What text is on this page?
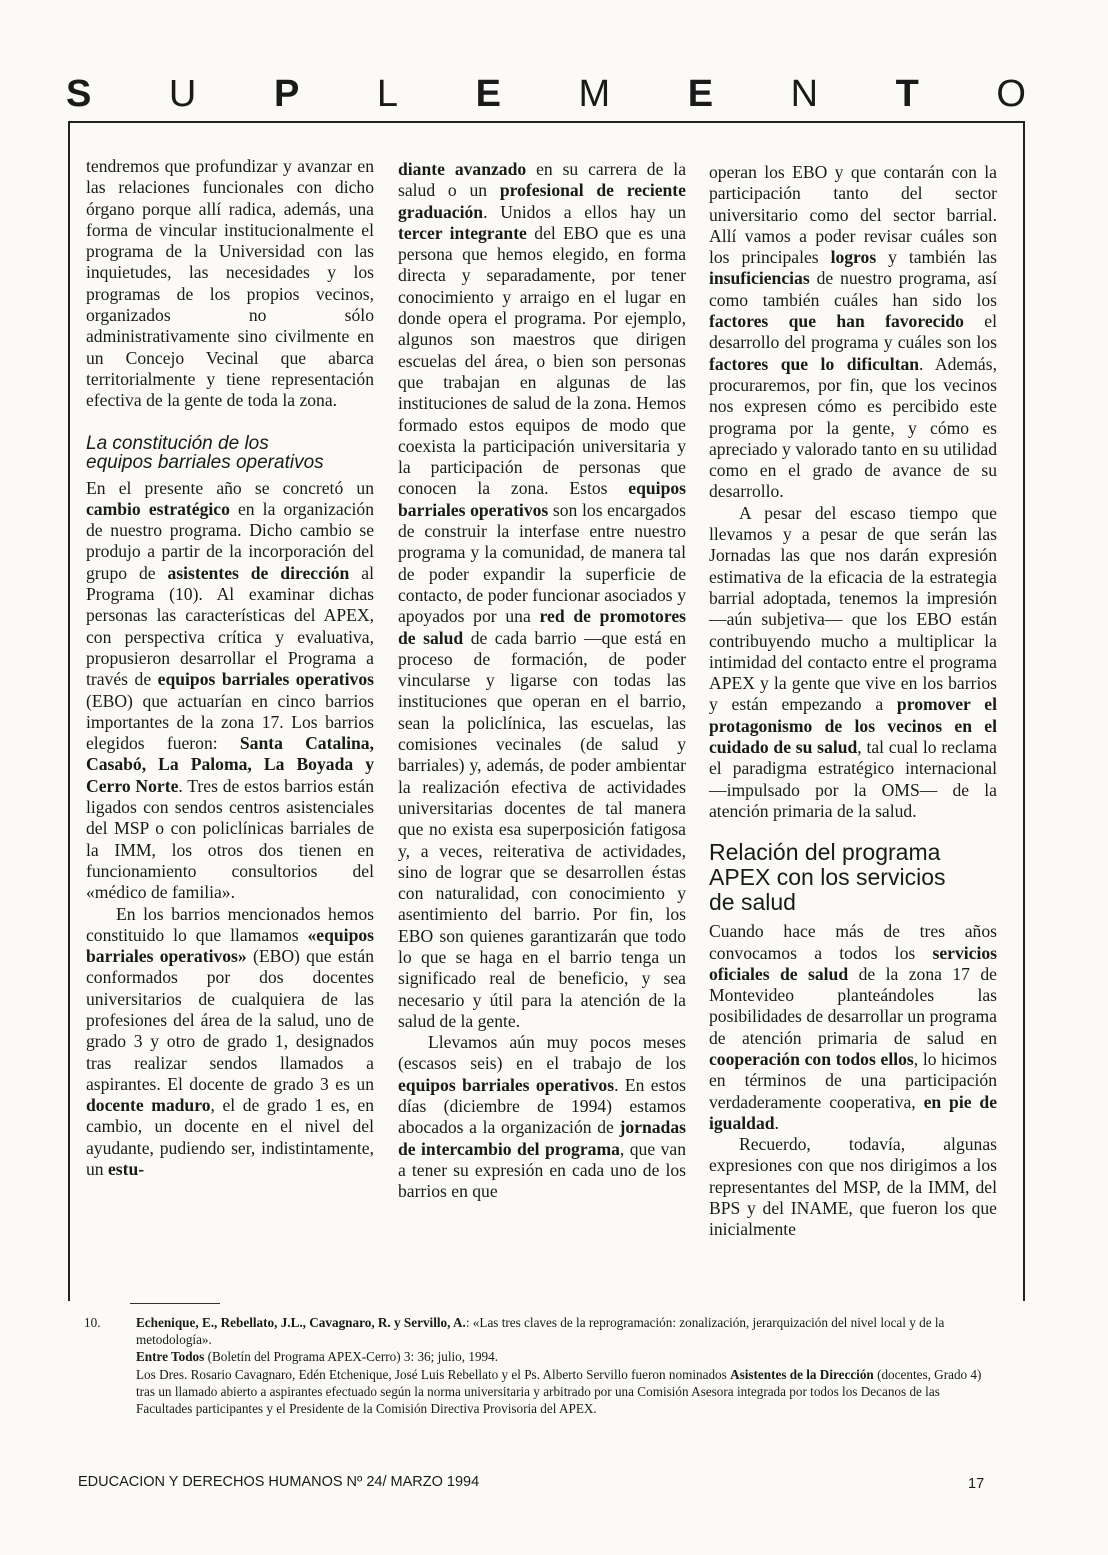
S U P L E M E N T O

tendremos que profundizar y avanzar en las relaciones funcionales con dicho órgano porque allí radica, además, una forma de vincular institucionalmente el programa de la Universidad con las inquietudes, las necesidades y los programas de los propios vecinos, organizados no sólo administrativamente sino civilmente en un Concejo Vecinal que abarca territorialmente y tiene representación efectiva de la gente de toda la zona.

La constitución de los
equipos barriales operativos

En el presente año se concretó un cambio estratégico en la organización de nuestro programa. Dicho cambio se produjo a partir de la incorporación del grupo de asistentes de dirección al Programa (10). Al examinar dichas personas las características del APEX, con perspectiva crítica y evaluativa, propusieron desarrollar el Programa a través de equipos barriales operativos (EBO) que actuarían en cinco barrios importantes de la zona 17. Los barrios elegidos fueron: Santa Catalina, Casabó, La Paloma, La Boyada y Cerro Norte. Tres de estos barrios están ligados con sendos centros asistenciales del MSP o con policlínicas barriales de la IMM, los otros dos tienen en funcionamiento consultorios del «médico de familia».

En los barrios mencionados hemos constituido lo que llamamos «equipos barriales operativos» (EBO) que están conformados por dos docentes universitarios de cualquiera de las profesiones del área de la salud, uno de grado 3 y otro de grado 1, designados tras realizar sendos llamados a aspirantes. El docente de grado 3 es un docente maduro, el de grado 1 es, en cambio, un docente en el nivel del ayudante, pudiendo ser, indistintamente, un estu-

diante avanzado en su carrera de la salud o un profesional de reciente graduación. Unidos a ellos hay un tercer integrante del EBO que es una persona que hemos elegido, en forma directa y separadamente, por tener conocimiento y arraigo en el lugar en donde opera el programa. Por ejemplo, algunos son maestros que dirigen escuelas del área, o bien son personas que trabajan en algunas de las instituciones de salud de la zona. Hemos formado estos equipos de modo que coexista la participación universitaria y la participación de personas que conocen la zona. Estos equipos barriales operativos son los encargados de construir la interfase entre nuestro programa y la comunidad, de manera tal de poder expandir la superficie de contacto, de poder funcionar asociados y apoyados por una red de promotores de salud de cada barrio —que está en proceso de formación, de poder vincularse y ligarse con todas las instituciones que operan en el barrio, sean la policlínica, las escuelas, las comisiones vecinales (de salud y barriales) y, además, de poder ambientar la realización efectiva de actividades universitarias docentes de tal manera que no exista esa superposición fatigosa y, a veces, reiterativa de actividades, sino de lograr que se desarrollen éstas con naturalidad, con conocimiento y asentimiento del barrio. Por fin, los EBO son quienes garantizarán que todo lo que se haga en el barrio tenga un significado real de beneficio, y sea necesario y útil para la atención de la salud de la gente.

Llevamos aún muy pocos meses (escasos seis) en el trabajo de los equipos barriales operativos. En estos días (diciembre de 1994) estamos abocados a la organización de jornadas de intercambio del programa, que van a tener su expresión en cada uno de los barrios en que

operan los EBO y que contarán con la participación tanto del sector universitario como del sector barrial. Allí vamos a poder revisar cuáles son los principales logros y también las insuficiencias de nuestro programa, así como también cuáles han sido los factores que han favorecido el desarrollo del programa y cuáles son los factores que lo dificultan. Además, procuraremos, por fin, que los vecinos nos expresen cómo es percibido este programa por la gente, y cómo es apreciado y valorado tanto en su utilidad como en el grado de avance de su desarrollo.

A pesar del escaso tiempo que llevamos y a pesar de que serán las Jornadas las que nos darán expresión estimativa de la eficacia de la estrategia barrial adoptada, tenemos la impresión —aún subjetiva— que los EBO están contribuyendo mucho a multiplicar la intimidad del contacto entre el programa APEX y la gente que vive en los barrios y están empezando a promover el protagonismo de los vecinos en el cuidado de su salud, tal cual lo reclama el paradigma estratégico internacional —impulsado por la OMS— de la atención primaria de la salud.

Relación del programa
APEX con los servicios
de salud

Cuando hace más de tres años convocamos a todos los servicios oficiales de salud de la zona 17 de Montevideo planteándoles las posibilidades de desarrollar un programa de atención primaria de salud en cooperación con todos ellos, lo hicimos en términos de una participación verdaderamente cooperativa, en pie de igualdad.

Recuerdo, todavía, algunas expresiones con que nos dirigimos a los representantes del MSP, de la IMM, del BPS y del INAME, que fueron los que inicialmente

10.	Echenique, E., Rebellato, J.L., Cavagnaro, R. y Servillo, A.: «Las tres claves de la reprogramación: zonalización, jerarquización del nivel local y de la metodología».

Entre Todos (Boletín del Programa APEX-Cerro) 3: 36; julio, 1994.

Los Dres. Rosario Cavagnaro, Edén Etchenique, José Luis Rebellato y el Ps. Alberto Servillo fueron nominados Asistentes de la Dirección (docentes, Grado 4) tras un llamado abierto a aspirantes efectuado según la norma universitaria y arbitrado por una Comisión Asesora integrada por todos los Decanos de las Facultades participantes y el Presidente de la Comisión Directiva Provisoria del APEX.

EDUCACION Y DERECHOS HUMANOS Nº 24/ MARZO 1994	17
